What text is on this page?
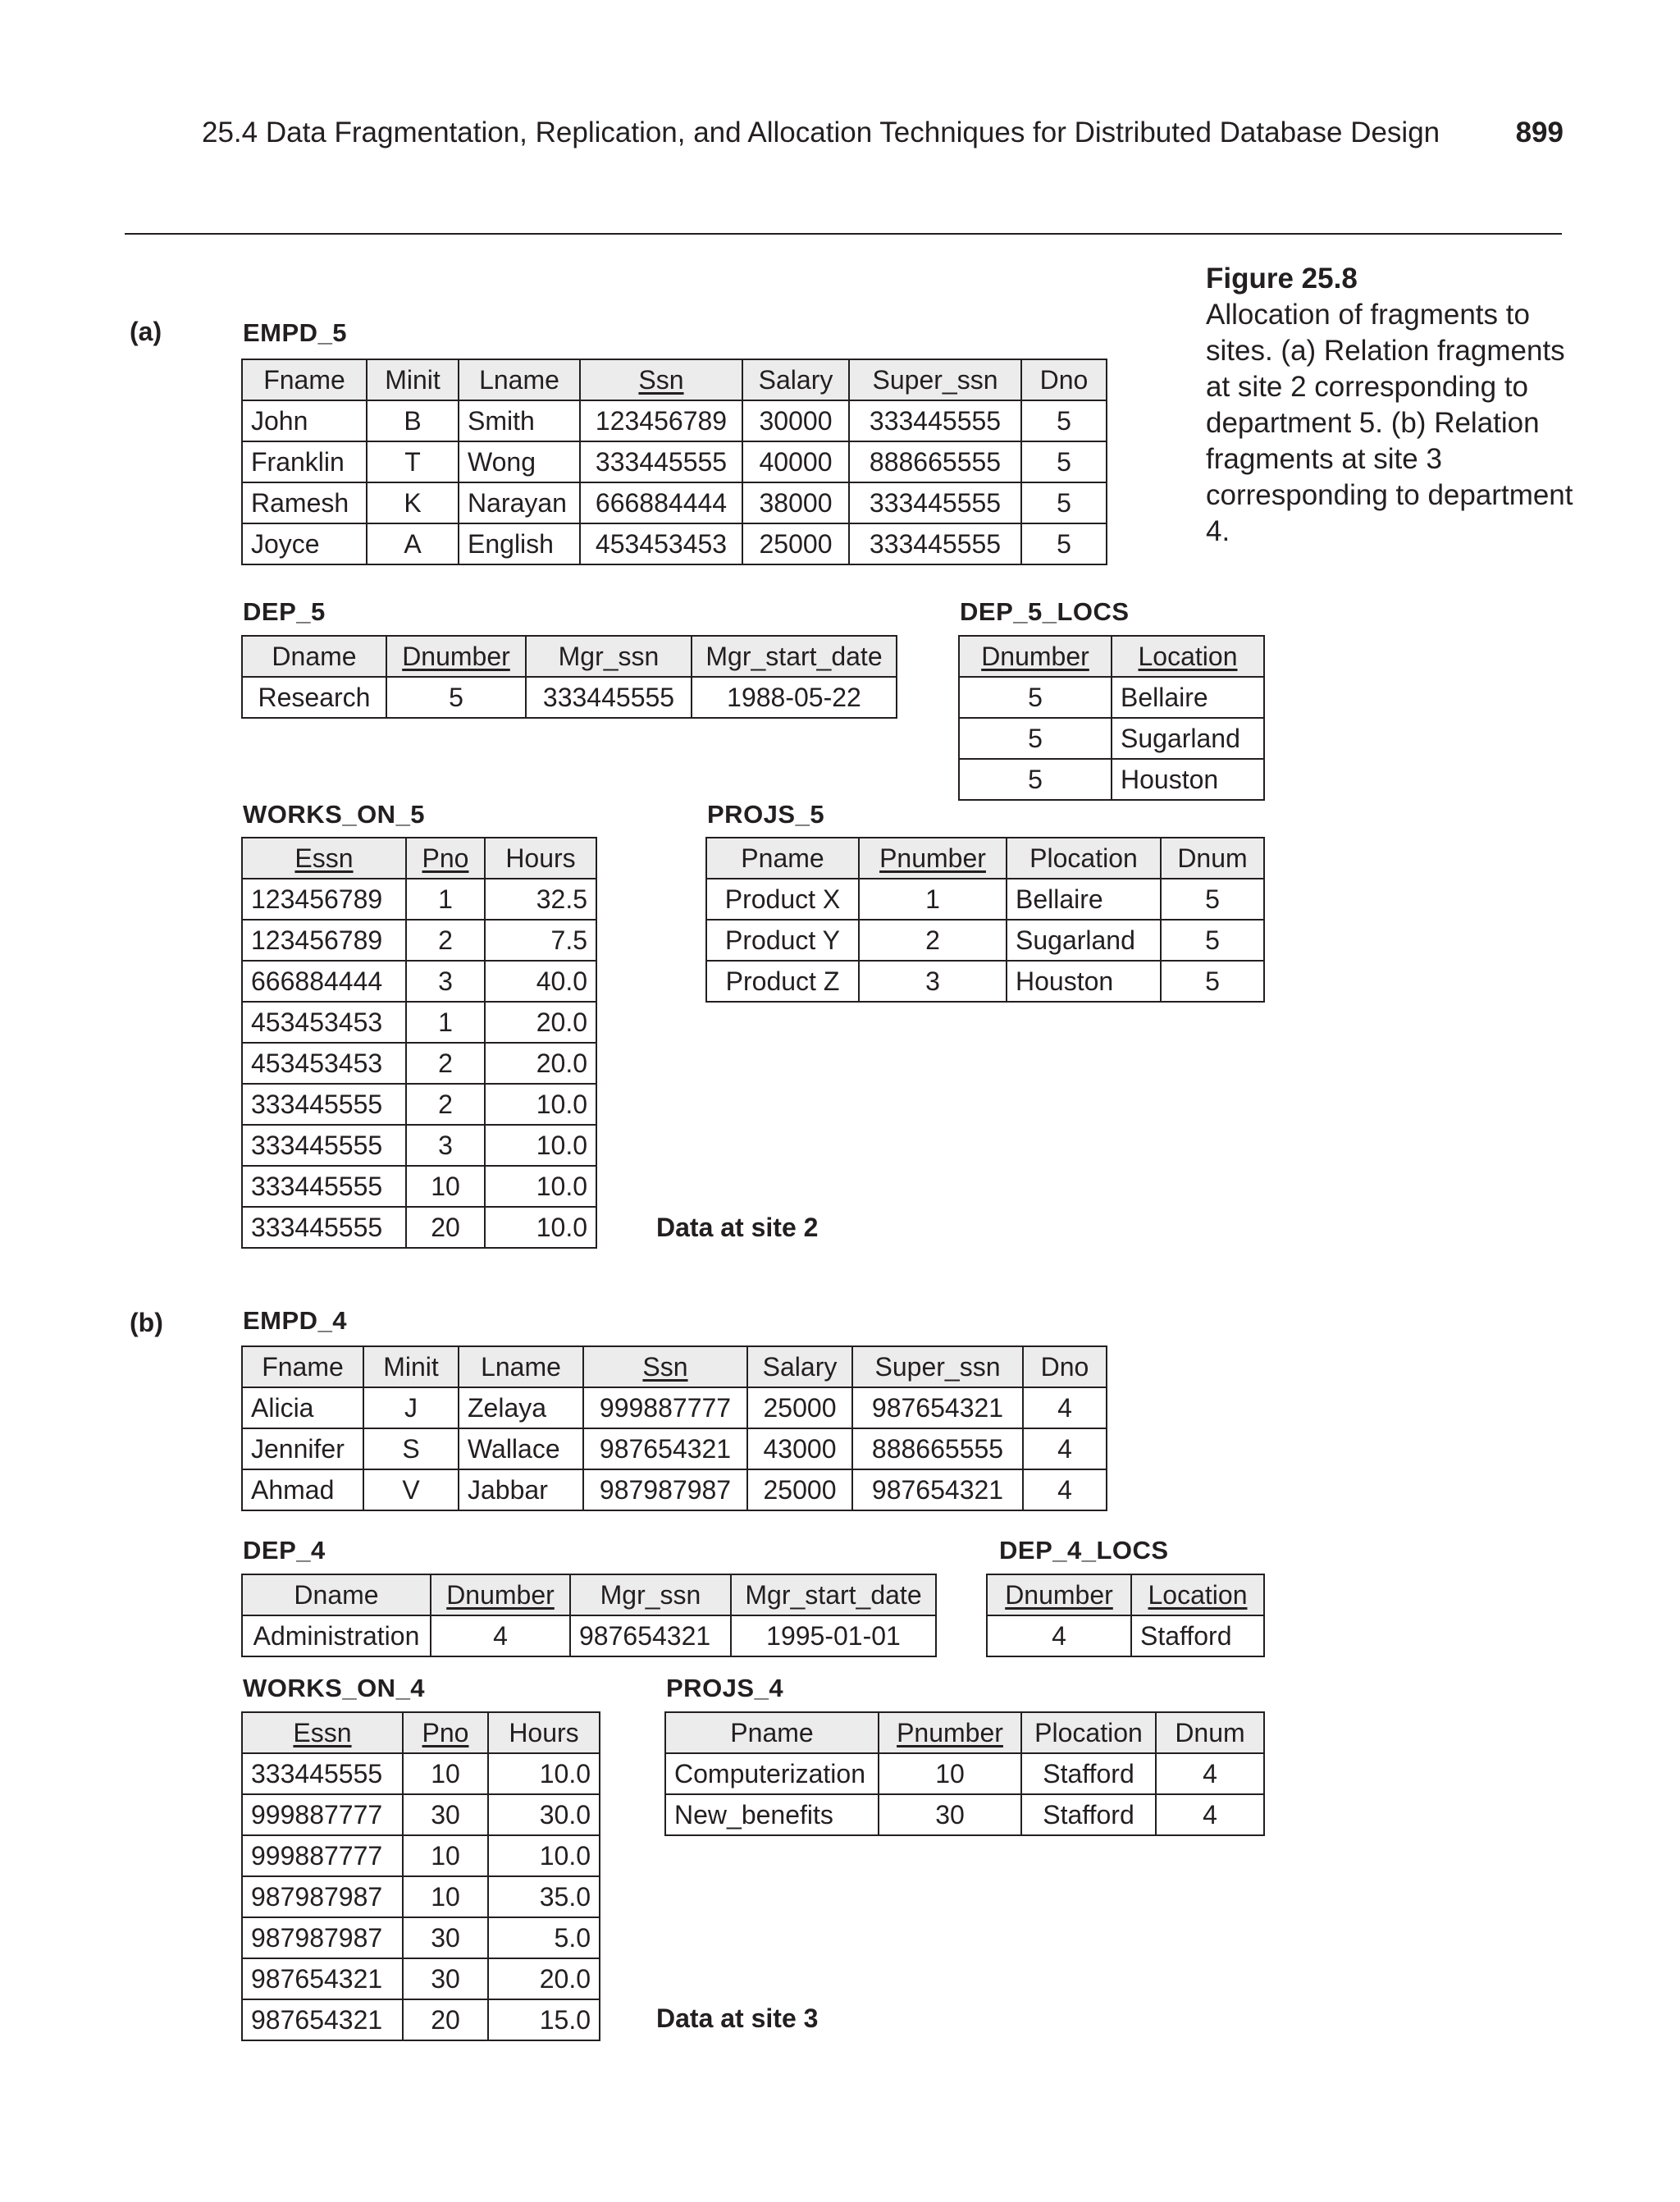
25.4 Data Fragmentation, Replication, and Allocation Techniques for Distributed Database Design	899
Figure 25.8
Allocation of fragments to sites. (a) Relation fragments at site 2 corresponding to department 5. (b) Relation fragments at site 3 corresponding to department 4.
(a)	EMPD_5
Fname	Minit	Lname	Ssn	Salary	Super_ssn	Dno
John	B	Smith	123456789	30000	333445555	5
Franklin	T	Wong	333445555	40000	888665555	5
Ramesh	K	Narayan	666884444	38000	333445555	5
Joyce	A	English	453453453	25000	333445555	5
DEP_5
Dname	Dnumber	Mgr_ssn	Mgr_start_date
Research	5	333445555	1988-05-22
DEP_5_LOCS
Dnumber	Location
5	Bellaire
5	Sugarland
5	Houston
WORKS_ON_5
Essn	Pno	Hours
123456789	1	32.5
123456789	2	7.5
666884444	3	40.0
453453453	1	20.0
453453453	2	20.0
333445555	2	10.0
333445555	3	10.0
333445555	10	10.0
333445555	20	10.0
PROJS_5
Pname	Pnumber	Plocation	Dnum
Product X	1	Bellaire	5
Product Y	2	Sugarland	5
Product Z	3	Houston	5
Data at site 2
(b)	EMPD_4
Fname	Minit	Lname	Ssn	Salary	Super_ssn	Dno
Alicia	J	Zelaya	999887777	25000	987654321	4
Jennifer	S	Wallace	987654321	43000	888665555	4
Ahmad	V	Jabbar	987987987	25000	987654321	4
DEP_4
Dname	Dnumber	Mgr_ssn	Mgr_start_date
Administration	4	987654321	1995-01-01
DEP_4_LOCS
Dnumber	Location
4	Stafford
WORKS_ON_4
Essn	Pno	Hours
333445555	10	10.0
999887777	30	30.0
999887777	10	10.0
987987987	10	35.0
987987987	30	5.0
987654321	30	20.0
987654321	20	15.0
PROJS_4
Pname	Pnumber	Plocation	Dnum
Computerization	10	Stafford	4
New_benefits	30	Stafford	4
Data at site 3
